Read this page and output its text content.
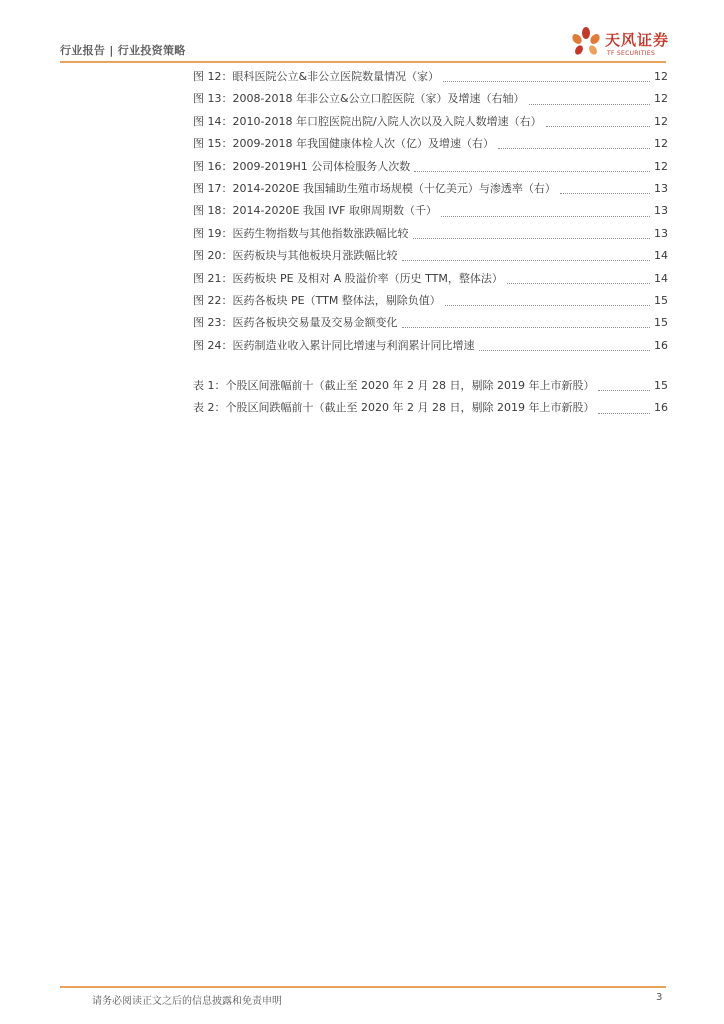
行业报告 | 行业投资策略
天风证券
TF SECURITIES
图 12：眼科医院公立&非公立医院数量情况（家）	12
图 13：2008-2018 年非公立&公立口腔医院（家）及增速（右轴）	12
图 14：2010-2018 年口腔医院出院/入院人次以及入院人数增速（右）	12
图 15：2009-2018 年我国健康体检人次（亿）及增速（右）	12
图 16：2009-2019H1 公司体检服务人次数	12
图 17：2014-2020E 我国辅助生殖市场规模（十亿美元）与渗透率（右）	13
图 18：2014-2020E 我国 IVF 取卵周期数（千）	13
图 19：医药生物指数与其他指数涨跌幅比较	13
图 20：医药板块与其他板块月涨跌幅比较	14
图 21：医药板块 PE 及相对 A 股溢价率（历史 TTM，整体法）	14
图 22：医药各板块 PE（TTM 整体法，剔除负值）	15
图 23：医药各板块交易量及交易金额变化	15
图 24：医药制造业收入累计同比增速与利润累计同比增速	16
表 1：个股区间涨幅前十（截止至 2020 年 2 月 28 日，剔除 2019 年上市新股）	15
表 2：个股区间跌幅前十（截止至 2020 年 2 月 28 日，剔除 2019 年上市新股）	16
请务必阅读正文之后的信息披露和免责申明	3
